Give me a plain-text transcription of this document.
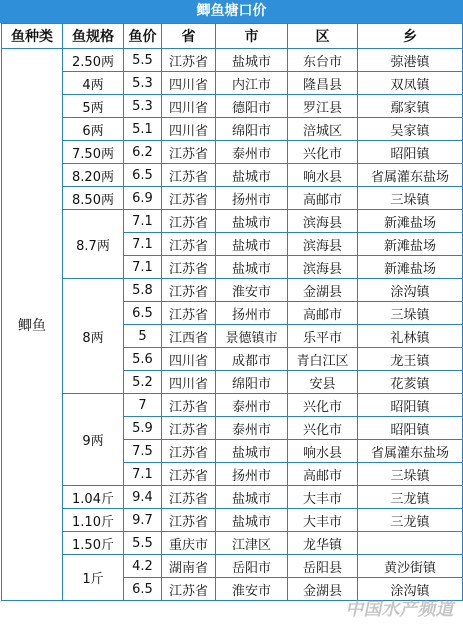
鲫鱼塘口价
鱼种类	鱼规格	鱼价	省	市	区	乡
鲫鱼	2.50两	5.5	江苏省	盐城市	东台市	弶港镇
	4两	5.3	四川省	内江市	隆昌县	双凤镇
	5两	5.3	四川省	德阳市	罗江县	鄢家镇
	6两	5.1	四川省	绵阳市	涪城区	吴家镇
	7.50两	6.2	江苏省	泰州市	兴化市	昭阳镇
	8.20两	6.5	江苏省	盐城市	响水县	省属灌东盐场
	8.50两	6.9	江苏省	扬州市	高邮市	三垛镇
	8.7两	7.1	江苏省	盐城市	滨海县	新滩盐场
		7.1	江苏省	盐城市	滨海县	新滩盐场
		7.1	江苏省	盐城市	滨海县	新滩盐场
	8两	5.8	江苏省	淮安市	金湖县	涂沟镇
		6.5	江苏省	扬州市	高邮市	三垛镇
		5	江西省	景德镇市	乐平市	礼林镇
		5.6	四川省	成都市	青白江区	龙王镇
		5.2	四川省	绵阳市	安县	花荄镇
	9两	7	江苏省	泰州市	兴化市	昭阳镇
		5.9	江苏省	泰州市	兴化市	昭阳镇
		7.5	江苏省	盐城市	响水县	省属灌东盐场
		7.1	江苏省	扬州市	高邮市	三垛镇
	1.04斤	9.4	江苏省	盐城市	大丰市	三龙镇
	1.10斤	9.7	江苏省	盐城市	大丰市	三龙镇
	1.50斤	5.5	重庆市	江津区	龙华镇	
	1斤	4.2	湖南省	岳阳市	岳阳县	黄沙街镇
		6.5	江苏省	淮安市	金湖县	涂沟镇
中国水产频道
